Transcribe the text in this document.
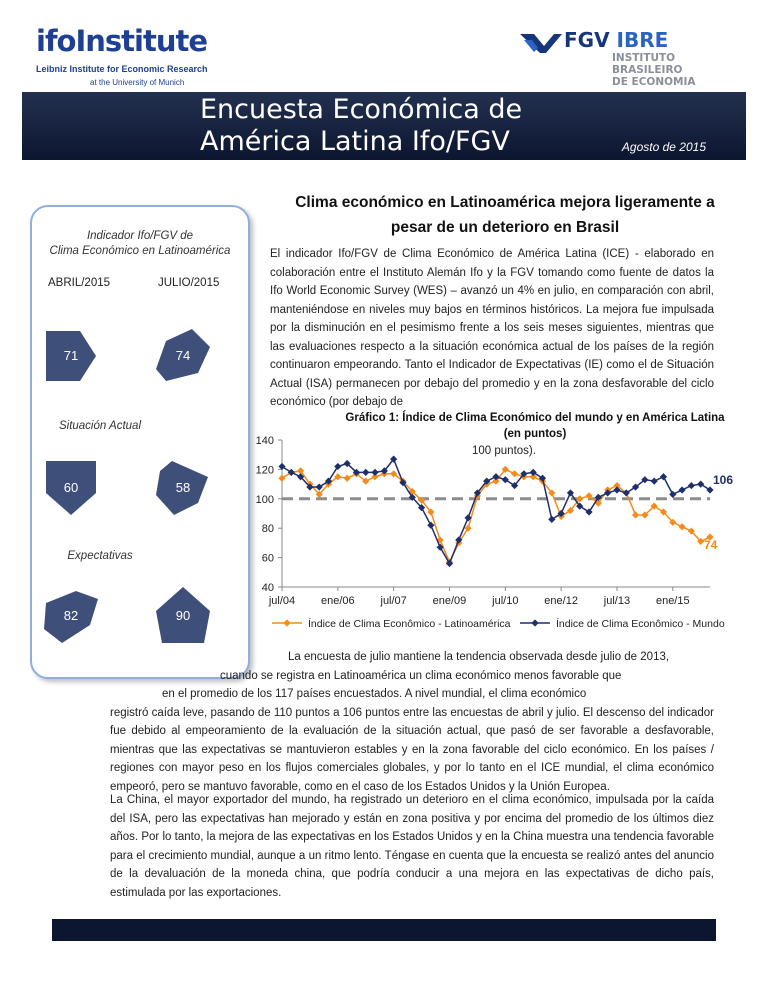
ifoInstitute
Leibniz Institute for Economic Research
at the University of Munich
FGV IBRE
INSTITUTO
BRASILEIRO
DE ECONOMIA
Encuesta Económica de
América Latina Ifo/FGV	Agosto de 2015
Indicador Ifo/FGV de
Clima Económico en Latinoamérica
ABRIL/2015	JULIO/2015
71	74
Situación Actual
60	58
Expectativas
82	90
Clima económico en Latinoamérica mejora ligeramente a
pesar de un deterioro en Brasil
El indicador Ifo/FGV de Clima Económico de América Latina (ICE) - elaborado en colaboración entre el Instituto Alemán Ifo y la FGV tomando como fuente de datos la Ifo World Economic Survey (WES) – avanzó un 4% en julio, en comparación con abril, manteniéndose en niveles muy bajos en términos históricos. La mejora fue impulsada por la disminución en el pesimismo frente a los seis meses siguientes, mientras que las evaluaciones respecto a la situación económica actual de los países de la región continuaron empeorando. Tanto el Indicador de Expectativas (IE) como el de Situación Actual (ISA) permanecen por debajo del promedio y en la zona desfavorable del ciclo económico (por debajo de
Gráfico 1: Índice de Clima Económico del mundo y en América Latina
(en puntos)
100 puntos).
40
60
80
100
120
140
jul/04 ene/06 jul/07 ene/09 jul/10 ene/12 jul/13 ene/15
106
74
Índice de Clima Econômico - Latinoamérica	Índice de Clima Econômico - Mundo
La encuesta de julio mantiene la tendencia observada desde julio de 2013,
cuando se registra en Latinoamérica un clima económico menos favorable que
en el promedio de los 117 países encuestados. A nivel mundial, el clima económico
registró caída leve, pasando de 110 puntos a 106 puntos entre las encuestas de abril y julio. El descenso del indicador fue debido al empeoramiento de la evaluación de la situación actual, que pasó de ser favorable a desfavorable, mientras que las expectativas se mantuvieron estables y en la zona favorable del ciclo económico. En los países / regiones con mayor peso en los flujos comerciales globales, y por lo tanto en el ICE mundial, el clima económico empeoró, pero se mantuvo favorable, como en el caso de los Estados Unidos y la Unión Europea.
La China, el mayor exportador del mundo, ha registrado un deterioro en el clima económico, impulsada por la caída del ISA, pero las expectativas han mejorado y están en zona positiva y por encima del promedio de los últimos diez años. Por lo tanto, la mejora de las expectativas en los Estados Unidos y en la China muestra una tendencia favorable para el crecimiento mundial, aunque a un ritmo lento. Téngase en cuenta que la encuesta se realizó antes del anuncio de la devaluación de la moneda china, que podría conducir a una mejora en las expectativas de dicho país, estimulada por las exportaciones.
